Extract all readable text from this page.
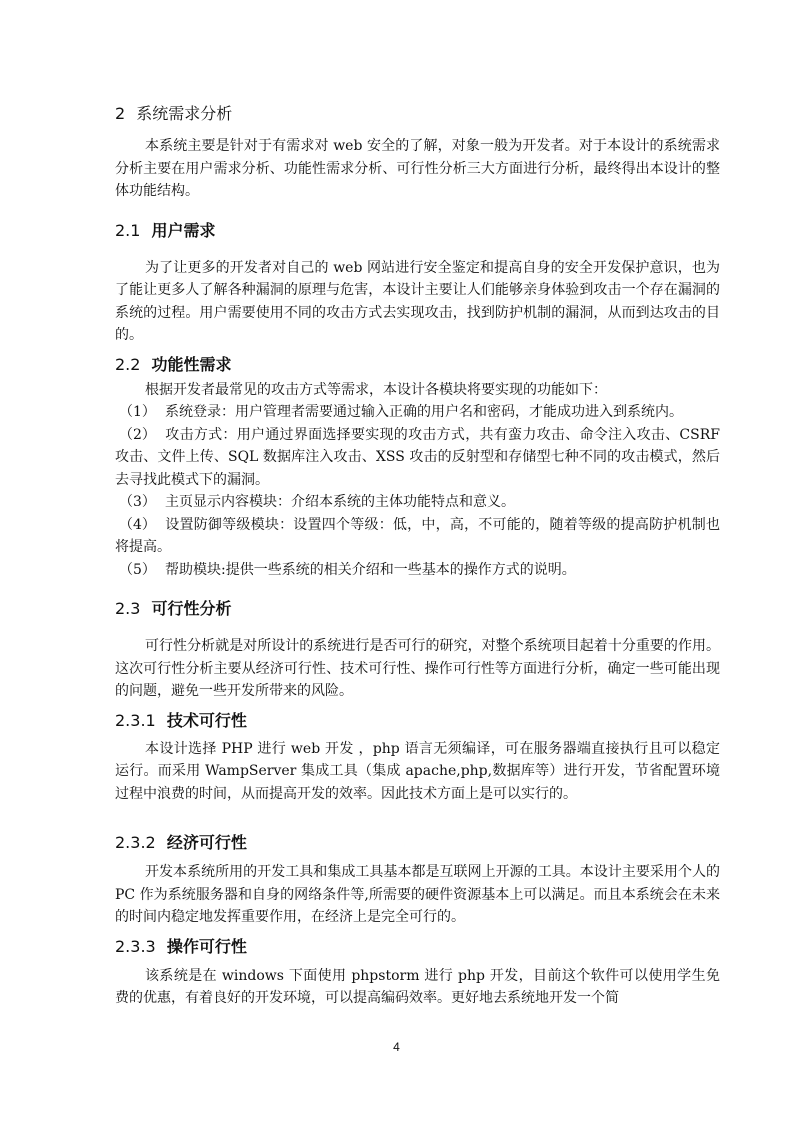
2 系统需求分析

本系统主要是针对于有需求对 web 安全的了解，对象一般为开发者。对于本设计的系统需求分析主要在用户需求分析、功能性需求分析、可行性分析三大方面进行分析，最终得出本设计的整体功能结构。

2.1 用户需求

为了让更多的开发者对自己的 web 网站进行安全鉴定和提高自身的安全开发保护意识，也为了能让更多人了解各种漏洞的原理与危害，本设计主要让人们能够亲身体验到攻击一个存在漏洞的系统的过程。用户需要使用不同的攻击方式去实现攻击，找到防护机制的漏洞，从而到达攻击的目的。

2.2 功能性需求

根据开发者最常见的攻击方式等需求，本设计各模块将要实现的功能如下：

（1） 系统登录：用户管理者需要通过输入正确的用户名和密码，才能成功进入到系统内。

（2） 攻击方式：用户通过界面选择要实现的攻击方式，共有蛮力攻击、命令注入攻击、CSRF 攻击、文件上传、SQL 数据库注入攻击、XSS 攻击的反射型和存储型七种不同的攻击模式，然后去寻找此模式下的漏洞。

（3） 主页显示内容模块：介绍本系统的主体功能特点和意义。

（4） 设置防御等级模块：设置四个等级：低，中，高，不可能的，随着等级的提高防护机制也将提高。

（5） 帮助模块:提供一些系统的相关介绍和一些基本的操作方式的说明。

2.3 可行性分析

可行性分析就是对所设计的系统进行是否可行的研究，对整个系统项目起着十分重要的作用。这次可行性分析主要从经济可行性、技术可行性、操作可行性等方面进行分析，确定一些可能出现的问题，避免一些开发所带来的风险。

2.3.1 技术可行性

本设计选择 PHP 进行 web 开发 ，php 语言无须编译，可在服务器端直接执行且可以稳定运行。而采用 WampServer 集成工具（集成 apache,php,数据库等）进行开发，节省配置环境过程中浪费的时间，从而提高开发的效率。因此技术方面上是可以实行的。

2.3.2 经济可行性

开发本系统所用的开发工具和集成工具基本都是互联网上开源的工具。本设计主要采用个人的 PC 作为系统服务器和自身的网络条件等,所需要的硬件资源基本上可以满足。而且本系统会在未来的时间内稳定地发挥重要作用，在经济上是完全可行的。

2.3.3 操作可行性

该系统是在 windows 下面使用 phpstorm 进行 php 开发，目前这个软件可以使用学生免费的优惠，有着良好的开发环境，可以提高编码效率。更好地去系统地开发一个简

4
